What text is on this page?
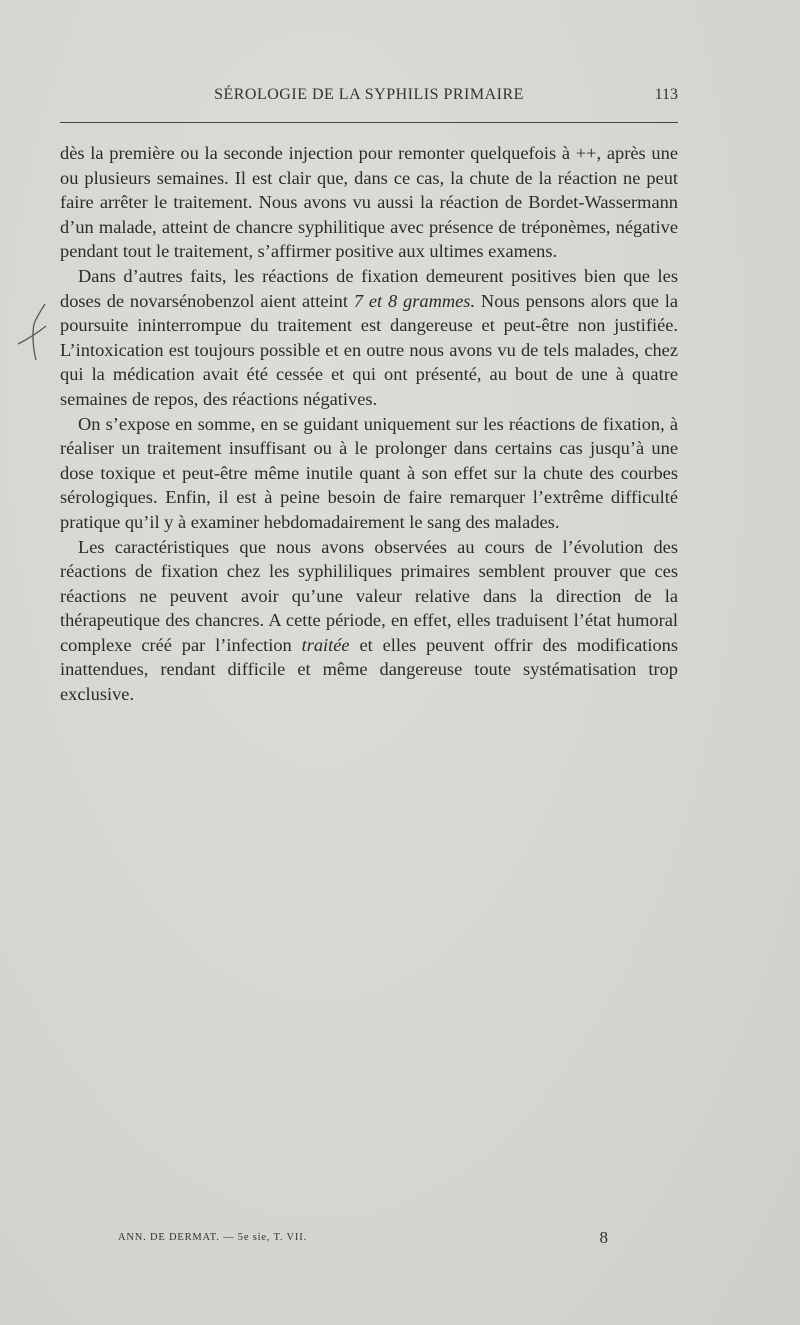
SÉROLOGIE DE LA SYPHILIS PRIMAIRE	113

dès la première ou la seconde injection pour remonter quelquefois à ++, après une ou plusieurs semaines. Il est clair que, dans ce cas, la chute de la réaction ne peut faire arrêter le traitement. Nous avons vu aussi la réaction de Bordet-Wassermann d’un malade, atteint de chancre syphilitique avec présence de tréponèmes, négative pendant tout le traitement, s’affirmer positive aux ultimes examens.

Dans d’autres faits, les réactions de fixation demeurent positives bien que les doses de novarsénobenzol aient atteint 7 et 8 grammes. Nous pensons alors que la poursuite ininterrompue du traitement est dangereuse et peut-être non justifiée. L’intoxication est toujours possible et en outre nous avons vu de tels malades, chez qui la médication avait été cessée et qui ont présenté, au bout de une à quatre semaines de repos, des réactions négatives.

On s’expose en somme, en se guidant uniquement sur les réactions de fixation, à réaliser un traitement insuffisant ou à le prolonger dans certains cas jusqu’à une dose toxique et peut-être même inutile quant à son effet sur la chute des courbes sérologiques. Enfin, il est à peine besoin de faire remarquer l’extrême difficulté pratique qu’il y à examiner hebdomadairement le sang des malades.

Les caractéristiques que nous avons observées au cours de l’évolution des réactions de fixation chez les syphililiques primaires semblent prouver que ces réactions ne peuvent avoir qu’une valeur relative dans la direction de la thérapeutique des chancres. A cette période, en effet, elles traduisent l’état humoral complexe créé par l’infection traitée et elles peuvent offrir des modifications inattendues, rendant difficile et même dangereuse toute systématisation trop exclusive.

ANN. DE DERMAT. — 5e sie, T. VII.	8
